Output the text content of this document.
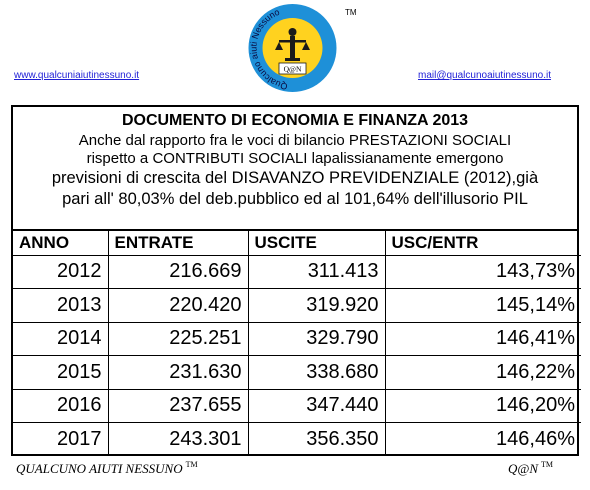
Qualcuno aiuti Nessuno
Q@N
TM
www.qualcuniaiutinessuno.it	mail@qualcunoaiutinessuno.it
DOCUMENTO DI ECONOMIA E FINANZA 2013
Anche dal rapporto fra le voci di bilancio PRESTAZIONI SOCIALI
rispetto a CONTRIBUTI SOCIALI lapalissianamente emergono
previsioni di crescita del DISAVANZO PREVIDENZIALE (2012),già
pari all' 80,03% del deb.pubblico ed al 101,64% dell'illusorio PIL
ANNO	ENTRATE	USCITE	USC/ENTR
2012	216.669	311.413	143,73%
2013	220.420	319.920	145,14%
2014	225.251	329.790	146,41%
2015	231.630	338.680	146,22%
2016	237.655	347.440	146,20%
2017	243.301	356.350	146,46%
QUALCUNO AIUTI NESSUNO ™	Q@N ™
